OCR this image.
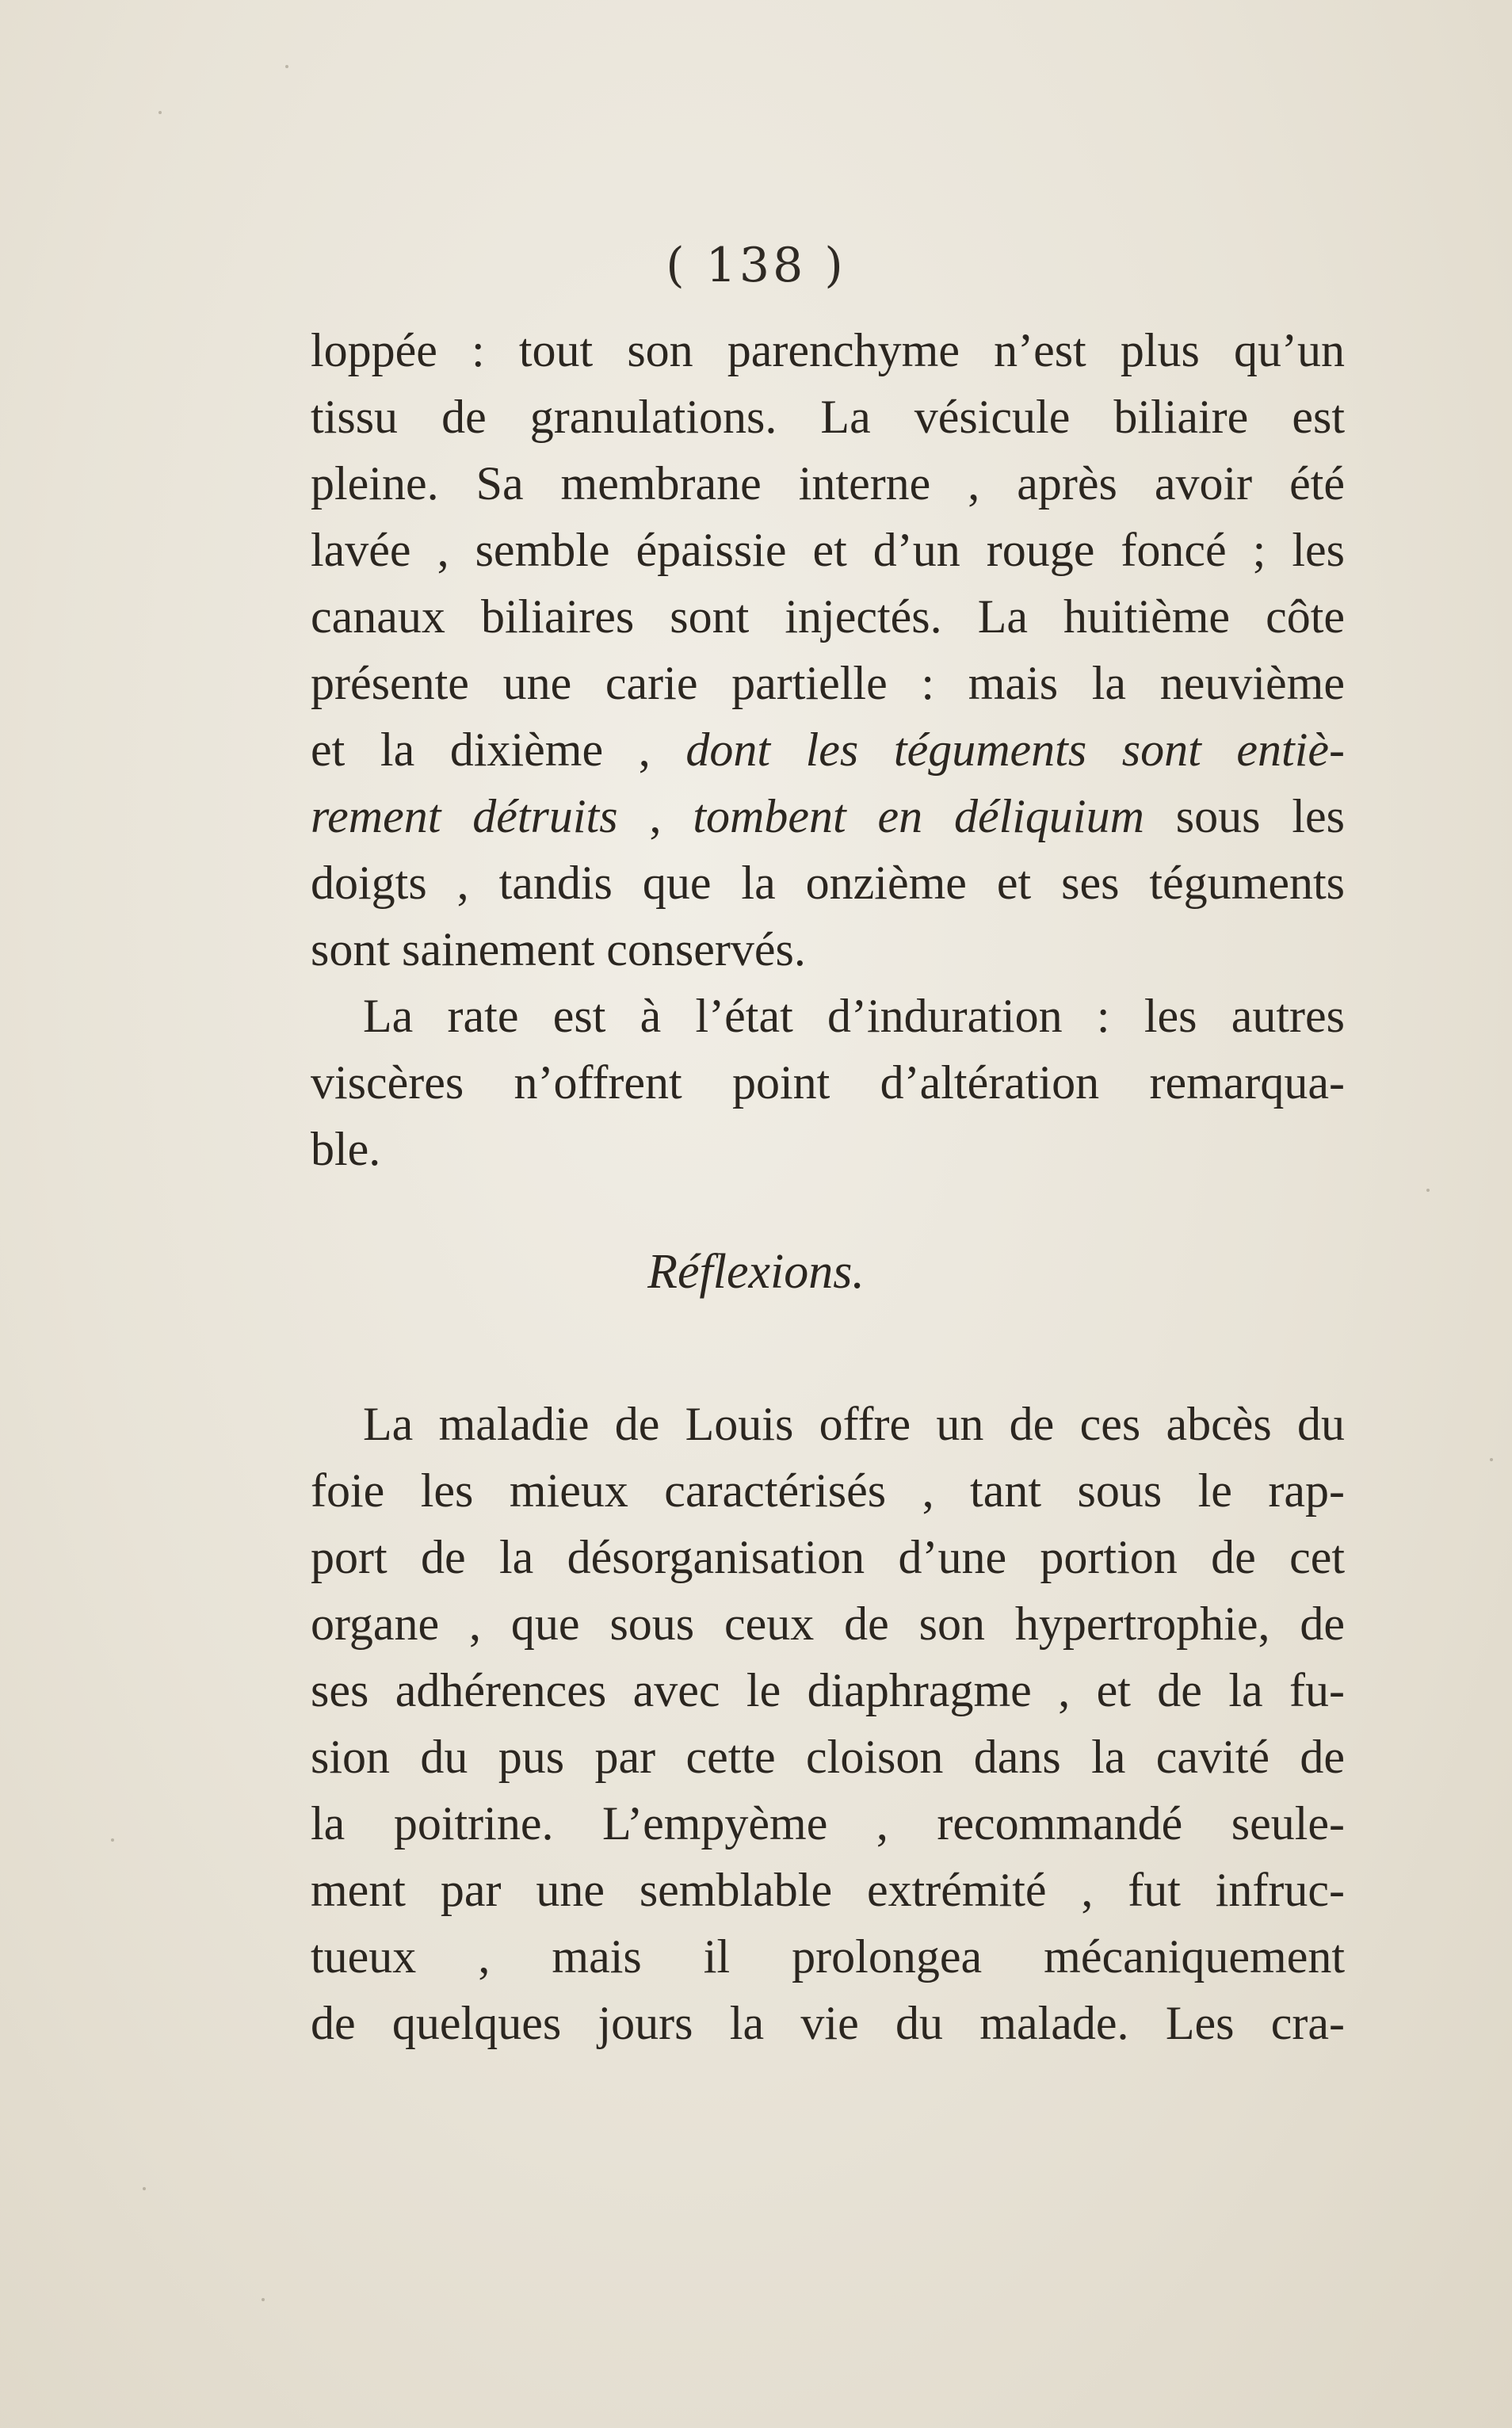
( 138 )
loppée : tout son parenchyme n’est plus qu’un
tissu de granulations. La vésicule biliaire est
pleine. Sa membrane interne , après avoir été
lavée , semble épaissie et d’un rouge foncé ; les
canaux biliaires sont injectés. La huitième côte
présente une carie partielle : mais la neuvième
et la dixième , dont les téguments sont entiè-
rement détruits , tombent en déliquium sous les
doigts , tandis que la onzième et ses téguments
sont sainement conservés.
La rate est à l’état d’induration : les autres
viscères n’offrent point d’altération remarqua-
ble.
Réflexions.
La maladie de Louis offre un de ces abcès du
foie les mieux caractérisés , tant sous le rap-
port de la désorganisation d’une portion de cet
organe , que sous ceux de son hypertrophie, de
ses adhérences avec le diaphragme , et de la fu-
sion du pus par cette cloison dans la cavité de
la poitrine. L’empyème , recommandé seule-
ment par une semblable extrémité , fut infruc-
tueux , mais il prolongea mécaniquement
de quelques jours la vie du malade. Les cra-
